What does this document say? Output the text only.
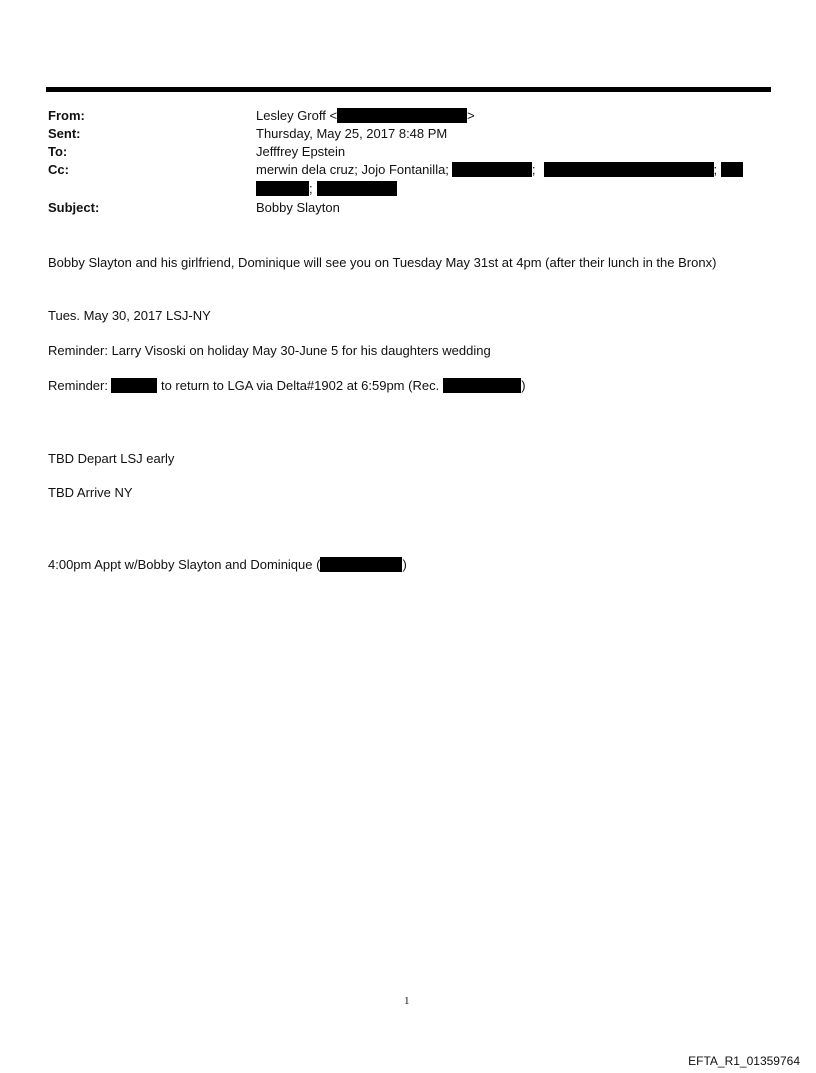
From:	Lesley Groff <	>
Sent:	Thursday, May 25, 2017 8:48 PM
To:	Jefffrey Epstein
Cc:	merwin dela cruz; Jojo Fontanilla;	;	;
;
Subject:	Bobby Slayton
Bobby Slayton and his girlfriend, Dominique will see you on Tuesday May 31st at 4pm (after their lunch in the Bronx)
Tues. May 30, 2017 LSJ-NY
Reminder: Larry Visoski on holiday May 30-June 5 for his daughters wedding
Reminder:	to return to LGA via Delta#1902 at 6:59pm (Rec.	)
TBD Depart LSJ early
TBD Arrive NY
4:00pm Appt w/Bobby Slayton and Dominique (	)
1
EFTA_R1_01359764
